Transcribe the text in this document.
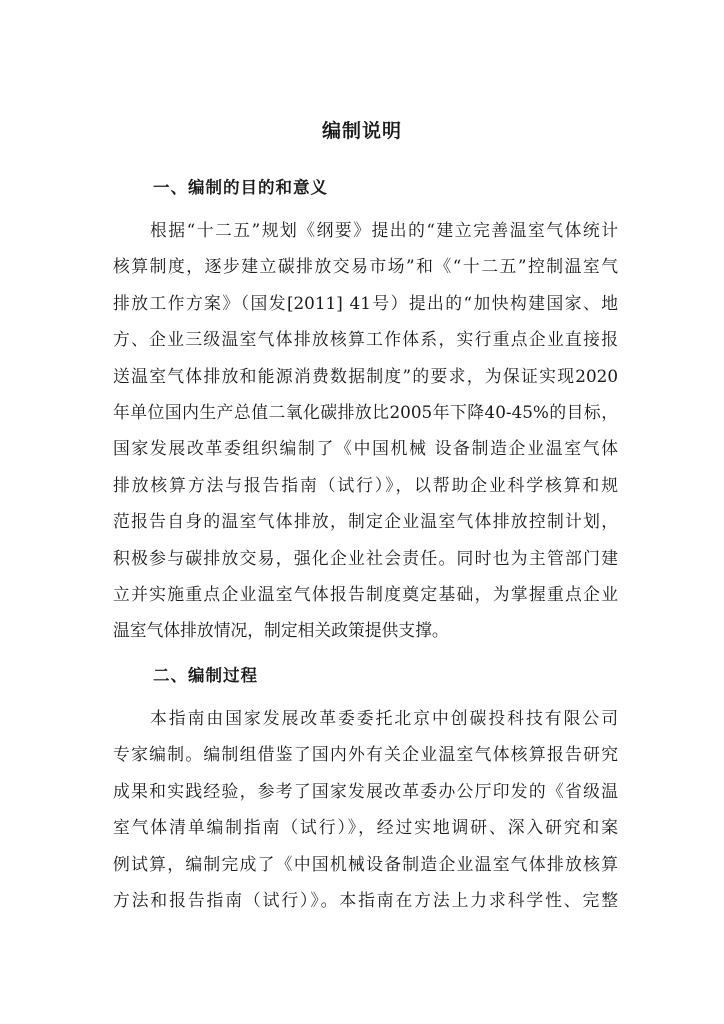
编制说明
一、编制的目的和意义
根据“十二五”规划《纲要》提出的“建立完善温室气体统计
核算制度，逐步建立碳排放交易市场”和《“十二五”控制温室气
排放工作方案》（国发[2011] 41号）提出的“加快构建国家、地
方、企业三级温室气体排放核算工作体系，实行重点企业直接报
送温室气体排放和能源消费数据制度”的要求，为保证实现2020
年单位国内生产总值二氧化碳排放比2005年下降40-45%的目标，
国家发展改革委组织编制了《中国机械 设备制造企业温室气体
排放核算方法与报告指南（试行）》，以帮助企业科学核算和规
范报告自身的温室气体排放，制定企业温室气体排放控制计划，
积极参与碳排放交易，强化企业社会责任。同时也为主管部门建
立并实施重点企业温室气体报告制度奠定基础，为掌握重点企业
温室气体排放情况，制定相关政策提供支撑。
二、编制过程
本指南由国家发展改革委委托北京中创碳投科技有限公司
专家编制。编制组借鉴了国内外有关企业温室气体核算报告研究
成果和实践经验，参考了国家发展改革委办公厅印发的《省级温
室气体清单编制指南（试行）》，经过实地调研、深入研究和案
例试算，编制完成了《中国机械设备制造企业温室气体排放核算
方法和报告指南（试行）》。本指南在方法上力求科学性、完整
